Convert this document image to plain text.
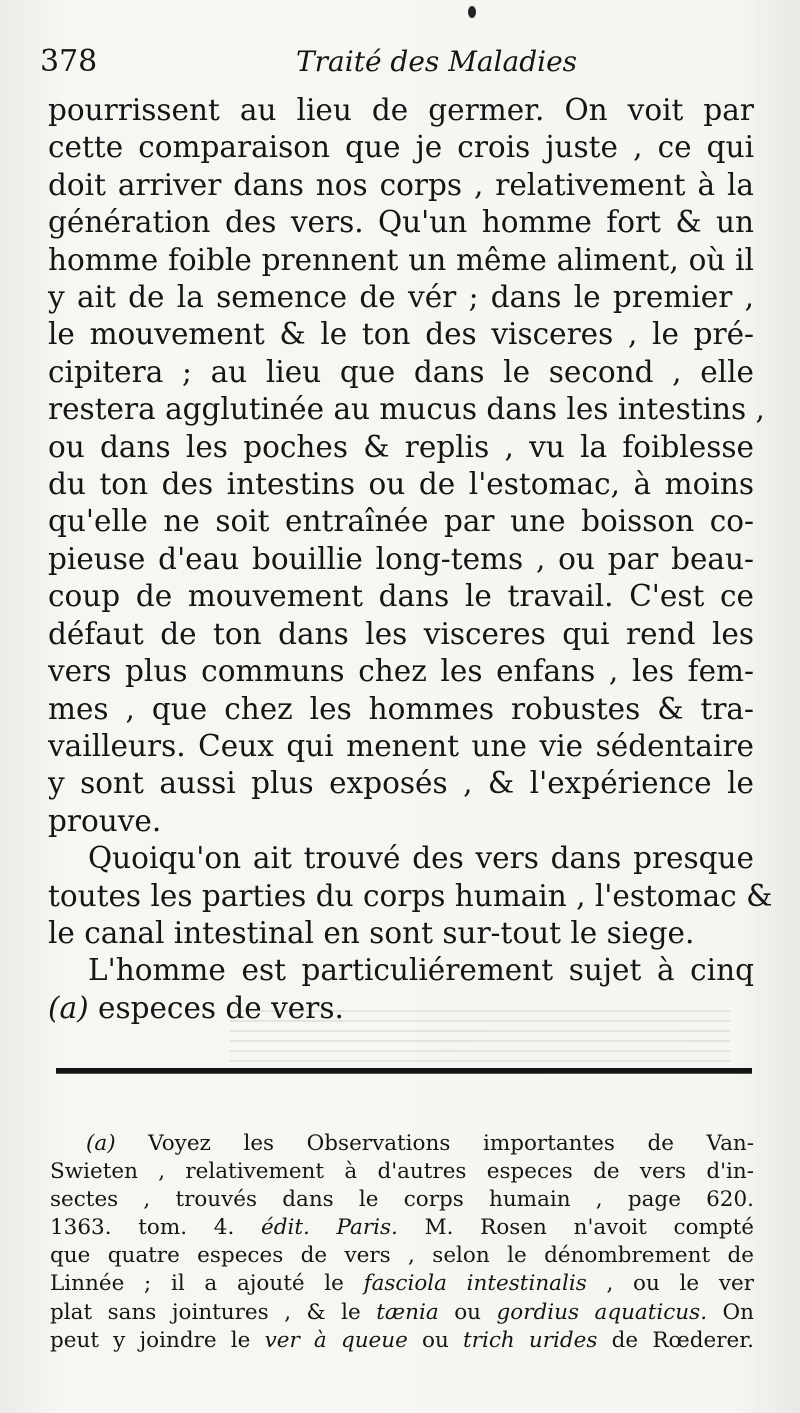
378	Traité des Maladies

pourrissent au lieu de germer. On voit par
cette comparaison que je crois juste , ce qui
doit arriver dans nos corps , relativement à la
génération des vers. Qu'un homme fort & un
homme foible prennent un même aliment, où il
y ait de la semence de vér ; dans le premier ,
le mouvement & le ton des visceres , le pré-
cipitera ; au lieu que dans le second , elle
restera agglutinée au mucus dans les intestins ,
ou dans les poches & replis , vu la foiblesse
du ton des intestins ou de l'estomac, à moins
qu'elle ne soit entraînée par une boisson co-
pieuse d'eau bouillie long-tems , ou par beau-
coup de mouvement dans le travail. C'est ce
défaut de ton dans les visceres qui rend les
vers plus communs chez les enfans , les fem-
mes , que chez les hommes robustes & tra-
vailleurs. Ceux qui menent une vie sédentaire
y sont aussi plus exposés , & l'expérience le
prouve.

Quoiqu'on ait trouvé des vers dans presque
toutes les parties du corps humain , l'estomac &
le canal intestinal en sont sur-tout le siege.

L'homme est particuliérement sujet à cinq
(a) especes de vers.

(a) Voyez les Observations importantes de Van-
Swieten , relativement à d'autres especes de vers d'in-
sectes , trouvés dans le corps humain , page 620.
1363. tom. 4. édit. Paris. M. Rosen n'avoit compté
que quatre especes de vers , selon le dénombrement de
Linnée ; il a ajouté le fasciola intestinalis , ou le ver
plat sans jointures , & le tænia ou gordius aquaticus. On
peut y joindre le ver à queue ou trich urides de Rœderer.
